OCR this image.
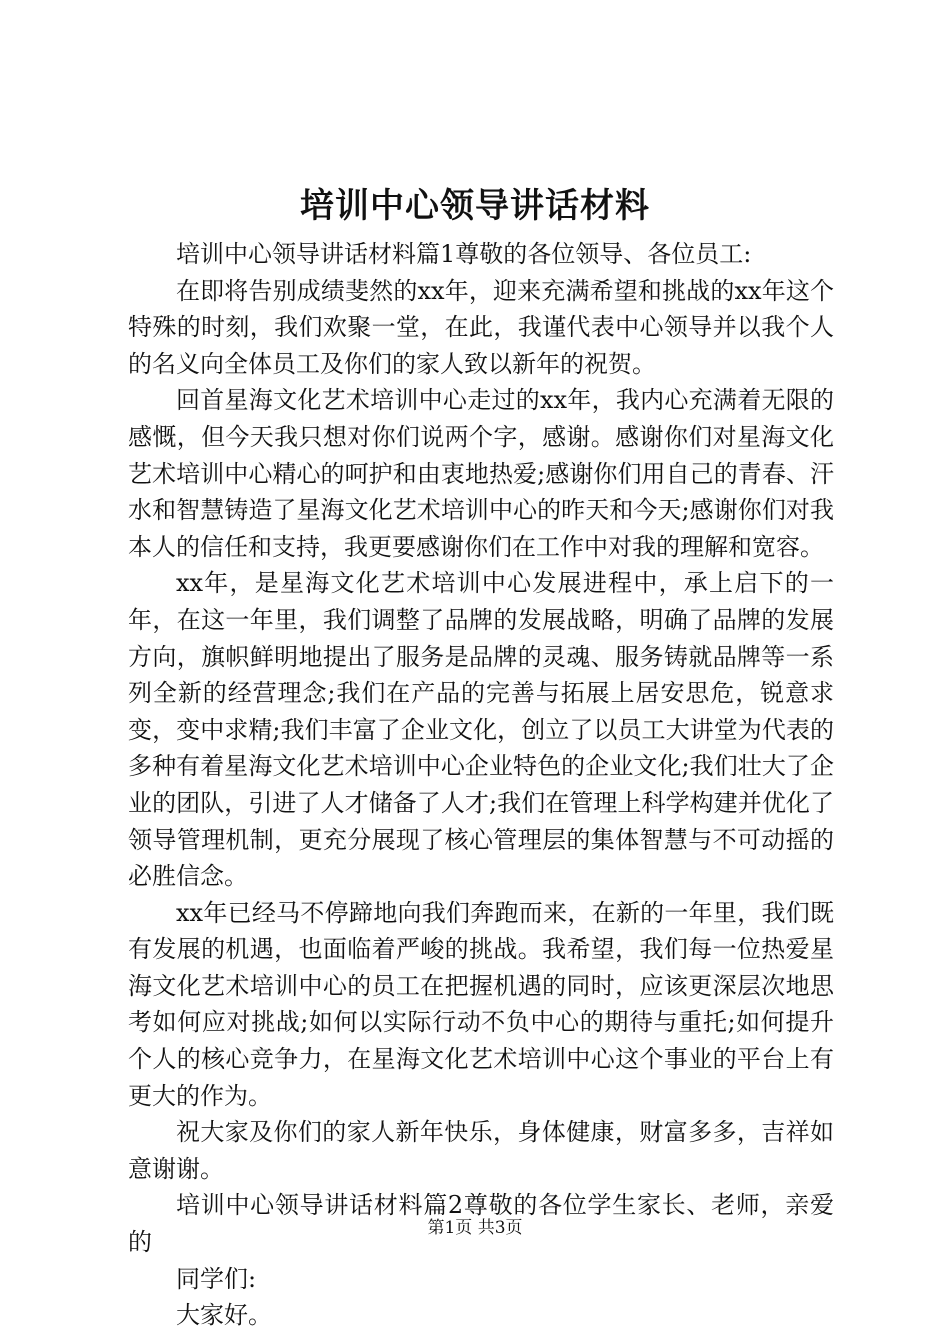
培训中心领导讲话材料

培训中心领导讲话材料篇1尊敬的各位领导、各位员工:

在即将告别成绩斐然的xx年，迎来充满希望和挑战的xx年这个特殊的时刻，我们欢聚一堂，在此，我谨代表中心领导并以我个人的名义向全体员工及你们的家人致以新年的祝贺。

回首星海文化艺术培训中心走过的xx年，我内心充满着无限的感慨，但今天我只想对你们说两个字，感谢。感谢你们对星海文化艺术培训中心精心的呵护和由衷地热爱;感谢你们用自己的青春、汗水和智慧铸造了星海文化艺术培训中心的昨天和今天;感谢你们对我本人的信任和支持，我更要感谢你们在工作中对我的理解和宽容。

xx年，是星海文化艺术培训中心发展进程中，承上启下的一年，在这一年里，我们调整了品牌的发展战略，明确了品牌的发展方向，旗帜鲜明地提出了服务是品牌的灵魂、服务铸就品牌等一系列全新的经营理念;我们在产品的完善与拓展上居安思危，锐意求变，变中求精;我们丰富了企业文化，创立了以员工大讲堂为代表的多种有着星海文化艺术培训中心企业特色的企业文化;我们壮大了企业的团队，引进了人才储备了人才;我们在管理上科学构建并优化了领导管理机制，更充分展现了核心管理层的集体智慧与不可动摇的必胜信念。

xx年已经马不停蹄地向我们奔跑而来，在新的一年里，我们既有发展的机遇，也面临着严峻的挑战。我希望，我们每一位热爱星海文化艺术培训中心的员工在把握机遇的同时，应该更深层次地思考如何应对挑战;如何以实际行动不负中心的期待与重托;如何提升个人的核心竞争力，在星海文化艺术培训中心这个事业的平台上有更大的作为。

祝大家及你们的家人新年快乐，身体健康，财富多多，吉祥如意谢谢。

培训中心领导讲话材料篇2尊敬的各位学生家长、老师，亲爱的

同学们:

大家好。

第1页 共3页
